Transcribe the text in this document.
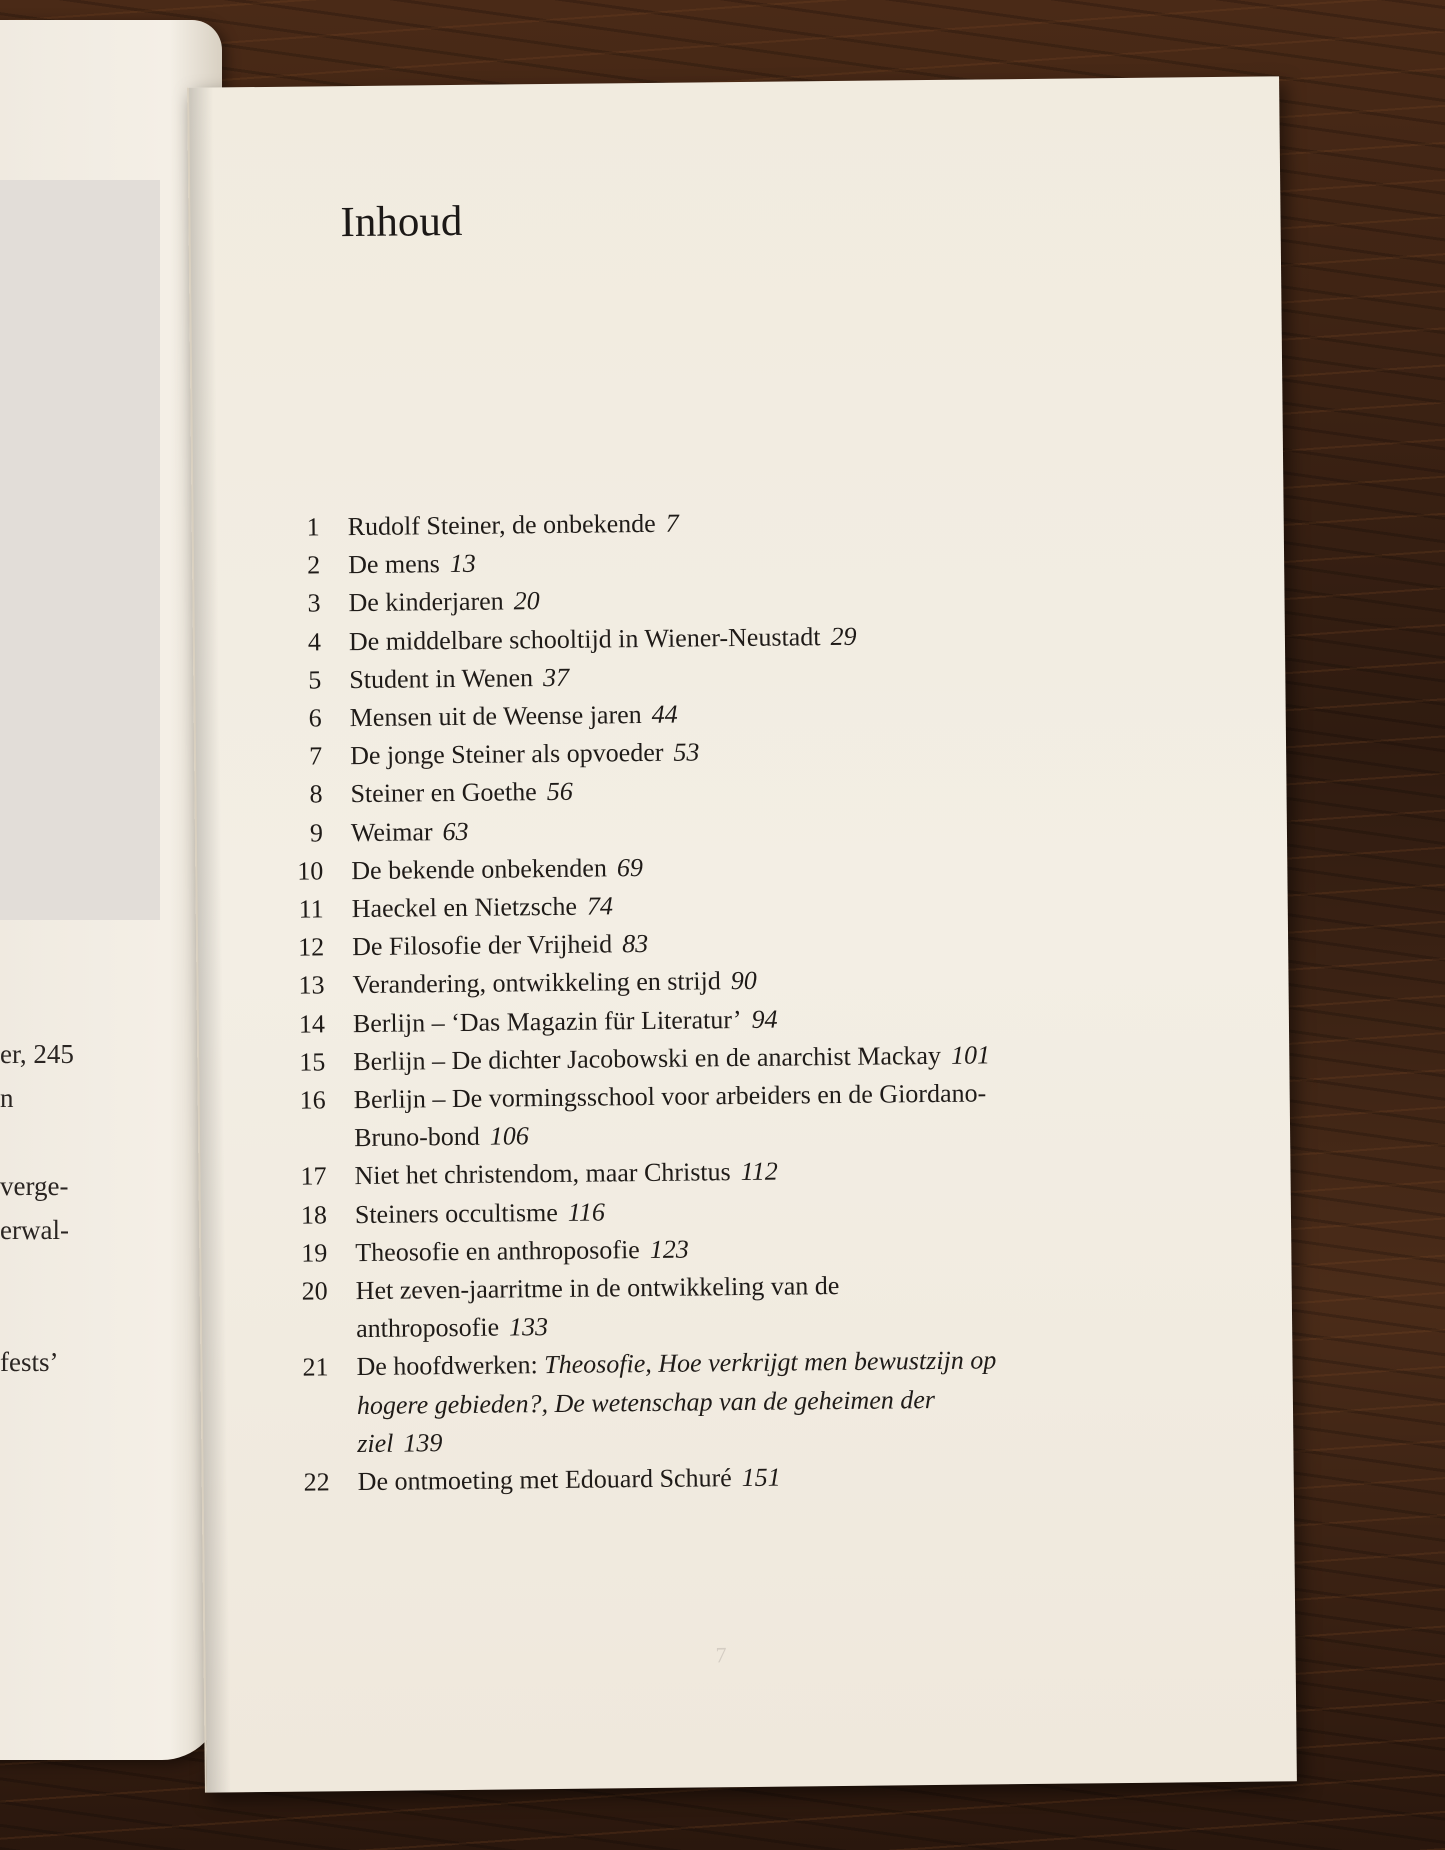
er, 245
n
verge-
erwal-
fests’
Inhoud
1	Rudolf Steiner, de onbekende 7
2	De mens 13
3	De kinderjaren 20
4	De middelbare schooltijd in Wiener-Neustadt 29
5	Student in Wenen 37
6	Mensen uit de Weense jaren 44
7	De jonge Steiner als opvoeder 53
8	Steiner en Goethe 56
9	Weimar 63
10	De bekende onbekenden 69
11	Haeckel en Nietzsche 74
12	De Filosofie der Vrijheid 83
13	Verandering, ontwikkeling en strijd 90
14	Berlijn – ‘Das Magazin für Literatur’ 94
15	Berlijn – De dichter Jacobowski en de anarchist Mackay 101
16	Berlijn – De vormingsschool voor arbeiders en de Giordano-Bruno-bond 106
17	Niet het christendom, maar Christus 112
18	Steiners occultisme 116
19	Theosofie en anthroposofie 123
20	Het zeven-jaarritme in de ontwikkeling van de anthroposofie 133
21	De hoofdwerken: Theosofie, Hoe verkrijgt men bewustzijn op hogere gebieden?, De wetenschap van de geheimen der ziel 139
22	De ontmoeting met Edouard Schuré 151
7
